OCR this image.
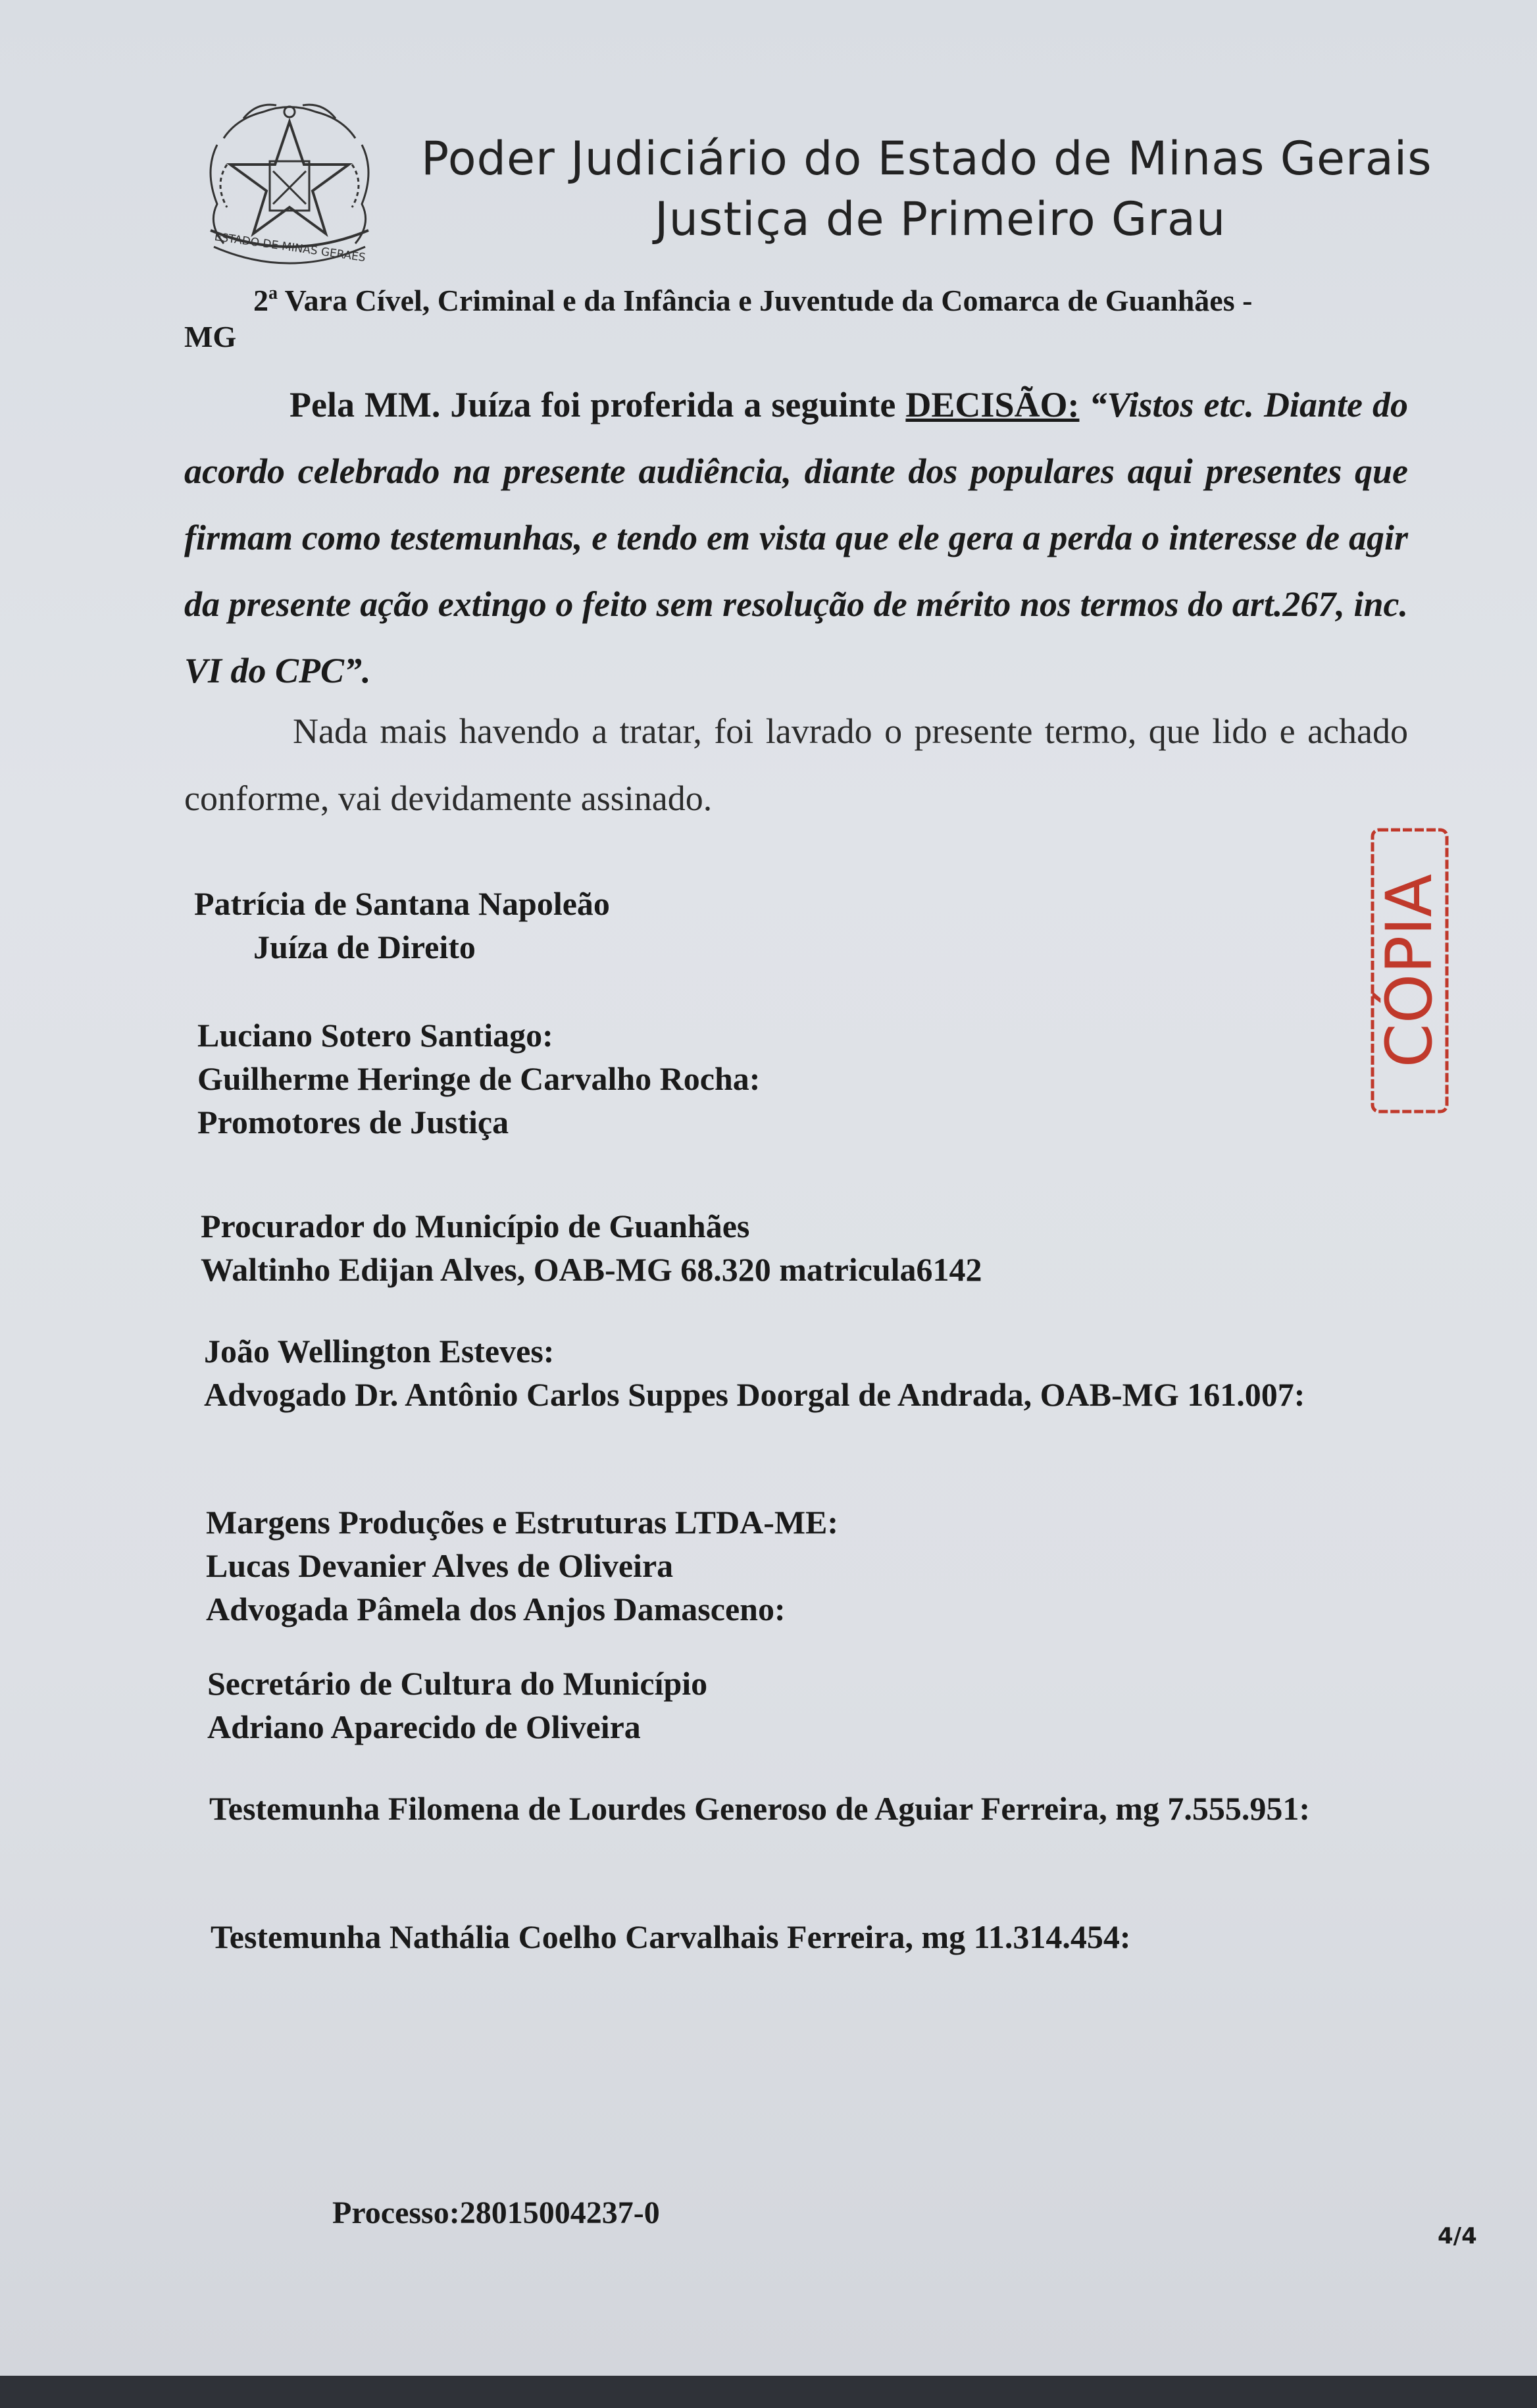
ESTADO DE MINAS GERAES
Poder Judiciário do Estado de Minas Gerais
Justiça de Primeiro Grau
2$^a$ Vara Cível, Criminal e da Infância e Juventude da Comarca de Guanhães -
MG
Pela MM. Juíza foi proferida a seguinte DECISÃO: “Vistos etc. Diante do acordo celebrado na presente audiência, diante dos populares aqui presentes que firmam como testemunhas, e tendo em vista que ele gera a perda o interesse de agir da presente ação extingo o feito sem resolução de mérito nos termos do art.267, inc. VI do CPC”.
Nada mais havendo a tratar, foi lavrado o presente termo, que lido e achado conforme, vai devidamente assinado.
Patrícia de Santana Napoleão
Juíza de Direito
Luciano Sotero Santiago:
Guilherme Heringe de Carvalho Rocha:
Promotores de Justiça
Procurador do Município de Guanhães
Waltinho Edijan Alves, OAB-MG 68.320 matricula6142
João Wellington Esteves:
Advogado Dr. Antônio Carlos Suppes Doorgal de Andrada, OAB-MG 161.007:
Margens Produções e Estruturas LTDA-ME:
Lucas Devanier Alves de Oliveira
Advogada Pâmela dos Anjos Damasceno:
Secretário de Cultura do Município
Adriano Aparecido de Oliveira
Testemunha Filomena de Lourdes Generoso de Aguiar Ferreira, mg 7.555.951:
Testemunha Nathália Coelho Carvalhais Ferreira, mg 11.314.454:
CÓPIA
Processo:28015004237-0
4/4
